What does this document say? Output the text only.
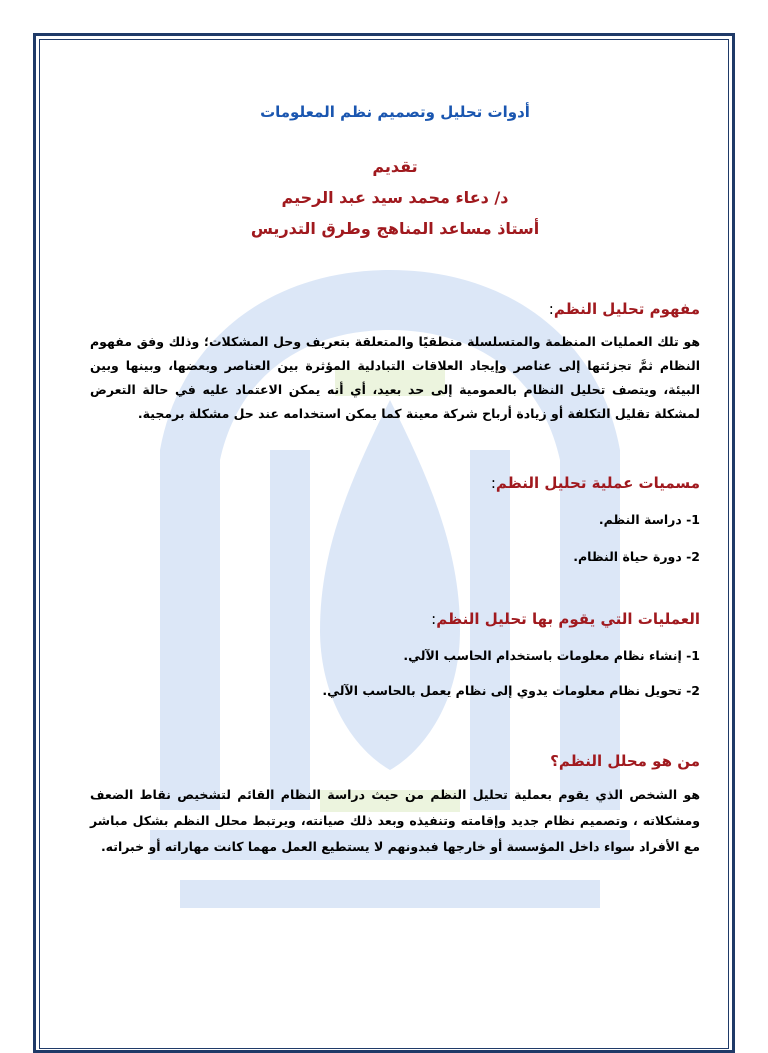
أدوات تحليل وتصميم نظم المعلومات

تقديم

د/ دعاء محمد سيد عبد الرحيم

أستاذ مساعد المناهج وطرق التدريس

مفهوم تحليل النظم:

هو تلك العمليات المنظمة والمتسلسلة منطقيًا والمتعلقة بتعريف وحل المشكلات؛ وذلك وفق مفهوم النظام ثمَّ تجزئتها إلى عناصر وإيجاد العلاقات التبادلية المؤثرة بين العناصر وبعضها، وبينها وبين البيئة، ويتصف تحليل النظام بالعمومية إلى حد بعيد، أي أنه يمكن الاعتماد عليه في حالة التعرض لمشكلة تقليل التكلفة أو زيادة أرباح شركة معينة كما يمكن استخدامه عند حل مشكلة برمجية.

مسميات عملية تحليل النظم:

1- دراسة النظم.

2- دورة حياة النظام.

العمليات التي يقوم بها تحليل النظم:

1- إنشاء نظام معلومات باستخدام الحاسب الآلي.

2- تحويل نظام معلومات يدوي إلى نظام يعمل بالحاسب الآلي.

من هو محلل النظم؟

هو الشخص الذي يقوم بعملية تحليل النظم من حيث دراسة النظام القائم لتشخيص نقاط الضعف ومشكلاته ، وتصميم نظام جديد وإقامته وتنفيذه وبعد ذلك صيانته، ويرتبط محلل النظم بشكل مباشر مع الأفراد سواء داخل المؤسسة أو خارجها فبدونهم لا يستطيع العمل مهما كانت مهاراته أو خبراته.
